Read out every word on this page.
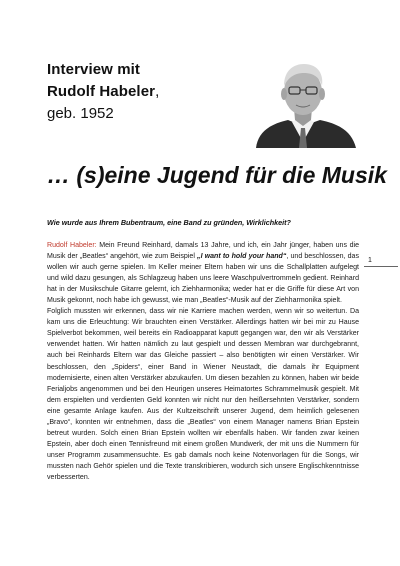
Interview mit
Rudolf Habeler,
geb. 1952
… (s)eine Jugend für die Musik
Wie wurde aus Ihrem Bubentraum, eine Band zu gründen, Wirklichkeit?

Rudolf Habeler: Mein Freund Reinhard, damals 13 Jahre, und ich, ein Jahr jünger, haben uns die Musik der „Beatles“ angehört, wie zum Beispiel „I want to hold your hand“, und beschlossen, das wollen wir auch gerne spielen. Im Keller meiner Eltern haben wir uns die Schallplatten aufgelegt und wild dazu gesungen, als Schlagzeug haben uns leere Waschpulvertrommeln gedient. Reinhard hat in der Musikschule Gitarre gelernt, ich Ziehharmonika; weder hat er die Griffe für diese Art von Musik gekonnt, noch habe ich gewusst, wie man „Beatles“-Musik auf der Ziehharmonika spielt.

Folglich mussten wir erkennen, dass wir nie Karriere machen werden, wenn wir so weitertun. Da kam uns die Erleuchtung: Wir brauchten einen Verstärker. Allerdings hatten wir bei mir zu Hause Spielverbot bekommen, weil bereits ein Radioapparat kaputt gegangen war, den wir als Verstärker verwendet hatten. Wir hatten nämlich zu laut gespielt und dessen Membran war durchgebrannt, auch bei Reinhards Eltern war das Gleiche passiert – also benötigten wir einen Verstärker. Wir beschlossen, den „Spiders“, einer Band in Wiener Neustadt, die damals ihr Equipment modernisierte, einen alten Verstärker abzukaufen. Um diesen bezahlen zu können, haben wir beide Ferialjobs angenommen und bei den Heurigen unseres Heimatortes Schrammelmusik gespielt. Mit dem erspielten und verdienten Geld konnten wir nicht nur den heißersehnten Verstärker, sondern eine gesamte Anlage kaufen. Aus der Kultzeitschrift unserer Jugend, dem heimlich gelesenen „Bravo“, konnten wir entnehmen, dass die „Beatles“ von einem Manager namens Brian Epstein betreut wurden. Solch einen Brian Epstein wollten wir ebenfalls haben. Wir fanden zwar keinen Epstein, aber doch einen Tennisfreund mit einem großen Mundwerk, der mit uns die Nummern für unser Programm zusammensuchte. Es gab damals noch keine Notenvorlagen für die Songs, wir mussten nach Gehör spielen und die Texte transkribieren, wodurch sich unsere Englischkenntnisse verbesserten.

1
